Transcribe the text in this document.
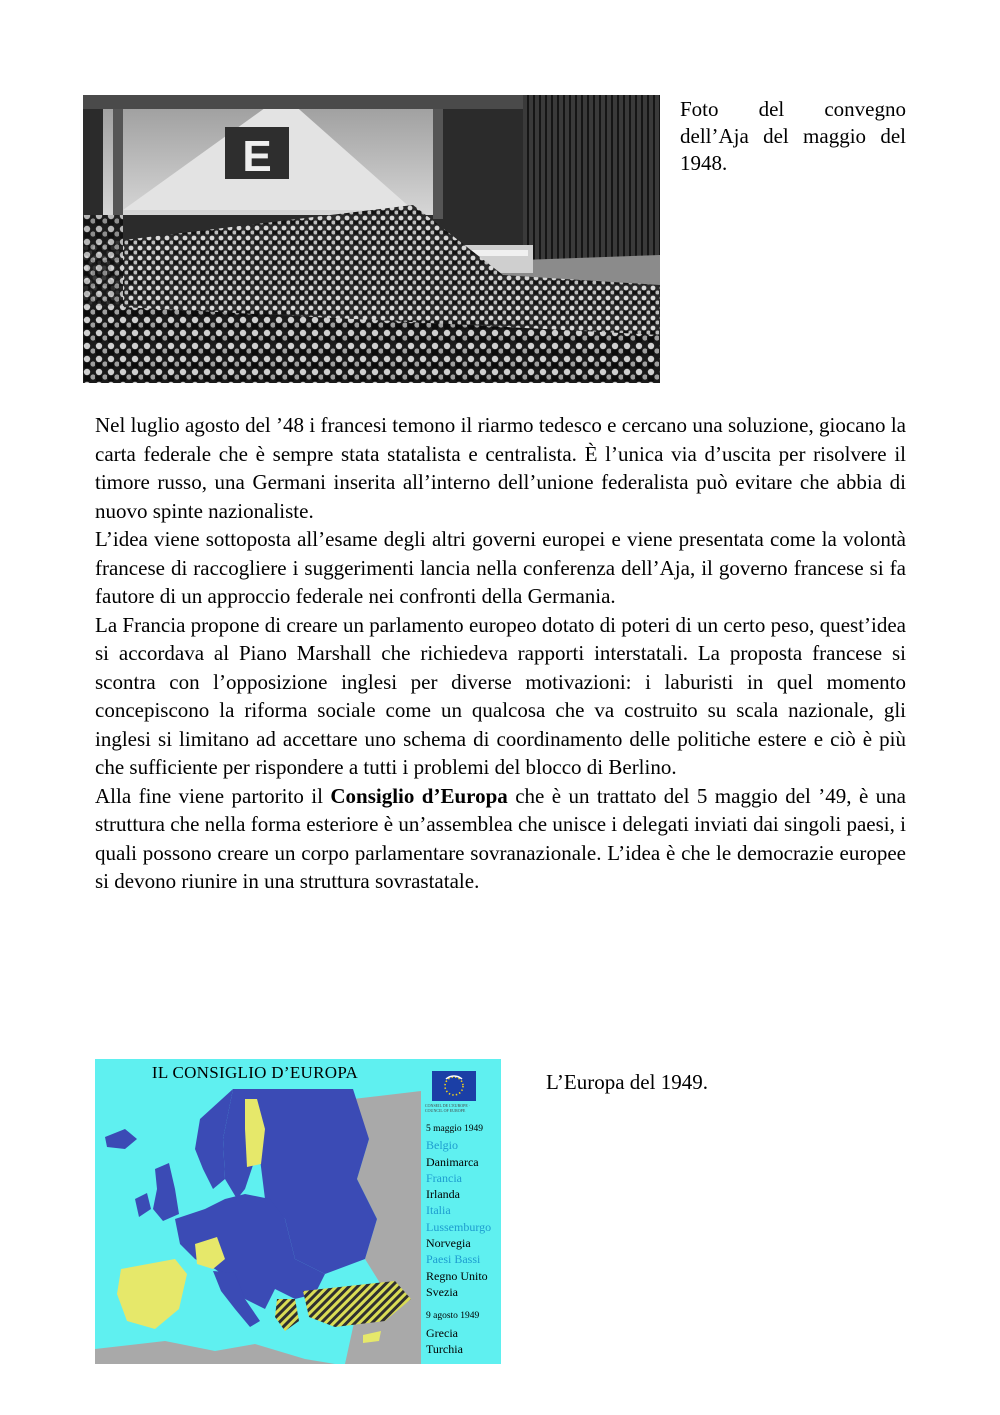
E
Foto del convegno dell’Aja del maggio del 1948.

Nel luglio agosto del ’48 i francesi temono il riarmo tedesco e cercano una soluzione, giocano la carta federale che è sempre stata statalista e centralista. È l’unica via d’uscita per risolvere il timore russo, una Germani inserita all’interno dell’unione federalista può evitare che abbia di nuovo spinte nazionaliste.

L’idea viene sottoposta all’esame degli altri governi europei e viene presentata come la volontà francese di raccogliere i suggerimenti lancia nella conferenza dell’Aja, il governo francese si fa fautore di un approccio federale nei confronti della Germania.

La Francia propone di creare un parlamento europeo dotato di poteri di un certo peso, quest’idea si accordava al Piano Marshall che richiedeva rapporti interstatali. La proposta francese si scontra con l’opposizione inglesi per diverse motivazioni: i laburisti in quel momento concepiscono la riforma sociale come un qualcosa che va costruito su scala nazionale, gli inglesi si limitano ad accettare uno schema di coordinamento delle politiche estere e ciò è più che sufficiente per rispondere a tutti i problemi del blocco di Berlino.

Alla fine viene partorito il Consiglio d’Europa che è un trattato del 5 maggio del ’49, è una struttura che nella forma esteriore è un’assemblea che unisce i delegati inviati dai singoli paesi, i quali possono creare un corpo parlamentare sovranazionale. L’idea è che le democrazie europee si devono riunire in una struttura sovrastatale.

IL CONSIGLIO D’EUROPA
CONSEIL DE L'EUROPE · COUNCIL OF EUROPE
5 maggio 1949
Belgio
Danimarca
Francia
Irlanda
Italia
Lussemburgo
Norvegia
Paesi Bassi
Regno Unito
Svezia
9 agosto 1949
Grecia
Turchia
L’Europa del 1949.
